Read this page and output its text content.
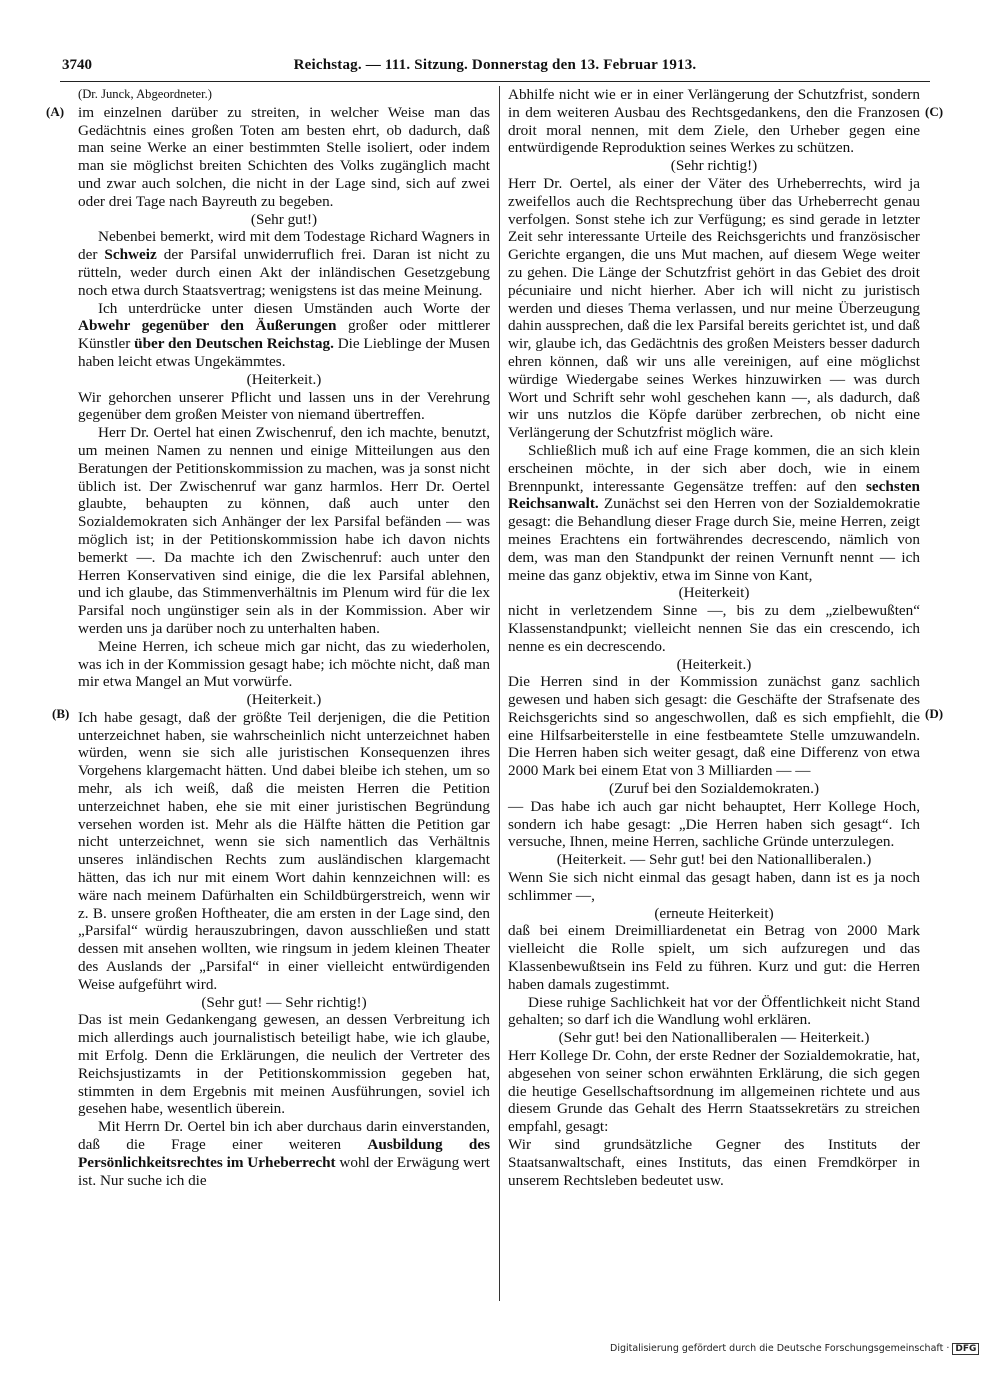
3740	Reichstag. — 111. Sitzung. Donnerstag den 13. Februar 1913.
(A)
(B)
(C)
(D)

(Dr. Junck, Abgeordneter.)

im einzelnen darüber zu streiten, in welcher Weise man das Gedächtnis eines großen Toten am besten ehrt, ob dadurch, daß man seine Werke an einer bestimmten Stelle isoliert, oder indem man sie möglichst breiten Schichten des Volks zugänglich macht und zwar auch solchen, die nicht in der Lage sind, sich auf zwei oder drei Tage nach Bayreuth zu begeben.

(Sehr gut!)

Nebenbei bemerkt, wird mit dem Todestage Richard Wagners in der Schweiz der Parsifal unwiderruflich frei. Daran ist nicht zu rütteln, weder durch einen Akt der inländischen Gesetzgebung noch etwa durch Staatsvertrag; wenigstens ist das meine Meinung.

Ich unterdrücke unter diesen Umständen auch Worte der Abwehr gegenüber den Äußerungen großer oder mittlerer Künstler über den Deutschen Reichstag. Die Lieblinge der Musen haben leicht etwas Ungekämmtes.

(Heiterkeit.)

Wir gehorchen unserer Pflicht und lassen uns in der Verehrung gegenüber dem großen Meister von niemand übertreffen.

Herr Dr. Oertel hat einen Zwischenruf, den ich machte, benutzt, um meinen Namen zu nennen und einige Mitteilungen aus den Beratungen der Petitionskommission zu machen, was ja sonst nicht üblich ist. Der Zwischenruf war ganz harmlos. Herr Dr. Oertel glaubte, behaupten zu können, daß auch unter den Sozialdemokraten sich Anhänger der lex Parsifal befänden — was möglich ist; in der Petitionskommission habe ich davon nichts bemerkt —. Da machte ich den Zwischenruf: auch unter den Herren Konservativen sind einige, die die lex Parsifal ablehnen, und ich glaube, das Stimmenverhältnis im Plenum wird für die lex Parsifal noch ungünstiger sein als in der Kommission. Aber wir werden uns ja darüber noch zu unterhalten haben.

Meine Herren, ich scheue mich gar nicht, das zu wiederholen, was ich in der Kommission gesagt habe; ich möchte nicht, daß man mir etwa Mangel an Mut vorwürfe.

(Heiterkeit.)

Ich habe gesagt, daß der größte Teil derjenigen, die die Petition unterzeichnet haben, sie wahrscheinlich nicht unterzeichnet haben würden, wenn sie sich alle juristischen Konsequenzen ihres Vorgehens klargemacht hätten. Und dabei bleibe ich stehen, um so mehr, als ich weiß, daß die meisten Herren die Petition unterzeichnet haben, ehe sie mit einer juristischen Begründung versehen worden ist. Mehr als die Hälfte hätten die Petition gar nicht unterzeichnet, wenn sie sich namentlich das Verhältnis unseres inländischen Rechts zum ausländischen klargemacht hätten, das ich nur mit einem Wort dahin kennzeichnen will: es wäre nach meinem Dafürhalten ein Schildbürgerstreich, wenn wir z. B. unsere großen Hoftheater, die am ersten in der Lage sind, den „Parsifal“ würdig herauszubringen, davon ausschließen und statt dessen mit ansehen wollten, wie ringsum in jedem kleinen Theater des Auslands der „Parsifal“ in einer vielleicht entwürdigenden Weise aufgeführt wird.

(Sehr gut! — Sehr richtig!)

Das ist mein Gedankengang gewesen, an dessen Verbreitung ich mich allerdings auch journalistisch beteiligt habe, wie ich glaube, mit Erfolg. Denn die Erklärungen, die neulich der Vertreter des Reichsjustizamts in der Petitionskommission gegeben hat, stimmten in dem Ergebnis mit meinen Ausführungen, soviel ich gesehen habe, wesentlich überein.

Mit Herrn Dr. Oertel bin ich aber durchaus darin einverstanden, daß die Frage einer weiteren Ausbildung des Persönlichkeitsrechtes im Urheberrecht wohl der Erwägung wert ist. Nur suche ich die

Abhilfe nicht wie er in einer Verlängerung der Schutzfrist, sondern in dem weiteren Ausbau des Rechtsgedankens, den die Franzosen droit moral nennen, mit dem Ziele, den Urheber gegen eine entwürdigende Reproduktion seines Werkes zu schützen.

(Sehr richtig!)

Herr Dr. Oertel, als einer der Väter des Urheberrechts, wird ja zweifellos auch die Rechtsprechung über das Urheberrecht genau verfolgen. Sonst stehe ich zur Verfügung; es sind gerade in letzter Zeit sehr interessante Urteile des Reichsgerichts und französischer Gerichte ergangen, die uns Mut machen, auf diesem Wege weiter zu gehen. Die Länge der Schutzfrist gehört in das Gebiet des droit pécuniaire und nicht hierher. Aber ich will nicht zu juristisch werden und dieses Thema verlassen, und nur meine Überzeugung dahin aussprechen, daß die lex Parsifal bereits gerichtet ist, und daß wir, glaube ich, das Gedächtnis des großen Meisters besser dadurch ehren können, daß wir uns alle vereinigen, auf eine möglichst würdige Wiedergabe seines Werkes hinzuwirken — was durch Wort und Schrift sehr wohl geschehen kann —, als dadurch, daß wir uns nutzlos die Köpfe darüber zerbrechen, ob nicht eine Verlängerung der Schutzfrist möglich wäre.

Schließlich muß ich auf eine Frage kommen, die an sich klein erscheinen möchte, in der sich aber doch, wie in einem Brennpunkt, interessante Gegensätze treffen: auf den sechsten Reichsanwalt. Zunächst sei den Herren von der Sozialdemokratie gesagt: die Behandlung dieser Frage durch Sie, meine Herren, zeigt meines Erachtens ein fortwährendes decrescendo, nämlich von dem, was man den Standpunkt der reinen Vernunft nennt — ich meine das ganz objektiv, etwa im Sinne von Kant,

(Heiterkeit)

nicht in verletzendem Sinne —, bis zu dem „zielbewußten“ Klassenstandpunkt; vielleicht nennen Sie das ein crescendo, ich nenne es ein decrescendo.

(Heiterkeit.)

Die Herren sind in der Kommission zunächst ganz sachlich gewesen und haben sich gesagt: die Geschäfte der Strafsenate des Reichsgerichts sind so angeschwollen, daß es sich empfiehlt, die eine Hilfsarbeiterstelle in eine festbeamtete Stelle umzuwandeln. Die Herren haben sich weiter gesagt, daß eine Differenz von etwa 2000 Mark bei einem Etat von 3 Milliarden — —

(Zuruf bei den Sozialdemokraten.)

— Das habe ich auch gar nicht behauptet, Herr Kollege Hoch, sondern ich habe gesagt: „Die Herren haben sich gesagt“. Ich versuche, Ihnen, meine Herren, sachliche Gründe unterzulegen.

(Heiterkeit. — Sehr gut! bei den Nationalliberalen.)

Wenn Sie sich nicht einmal das gesagt haben, dann ist es ja noch schlimmer —,

(erneute Heiterkeit)

daß bei einem Dreimilliardenetat ein Betrag von 2000 Mark vielleicht die Rolle spielt, um sich aufzuregen und das Klassenbewußtsein ins Feld zu führen. Kurz und gut: die Herren haben damals zugestimmt.

Diese ruhige Sachlichkeit hat vor der Öffentlichkeit nicht Stand gehalten; so darf ich die Wandlung wohl erklären.

(Sehr gut! bei den Nationalliberalen — Heiterkeit.)

Herr Kollege Dr. Cohn, der erste Redner der Sozialdemokratie, hat, abgesehen von seiner schon erwähnten Erklärung, die sich gegen die heutige Gesellschaftsordnung im allgemeinen richtete und aus diesem Grunde das Gehalt des Herrn Staatssekretärs zu streichen empfahl, gesagt:

Wir sind grundsätzliche Gegner des Instituts der Staatsanwaltschaft, eines Instituts, das einen Fremdkörper in unserem Rechtsleben bedeutet usw.

Digitalisierung gefördert durch die Deutsche Forschungsgemeinschaft · DFG
